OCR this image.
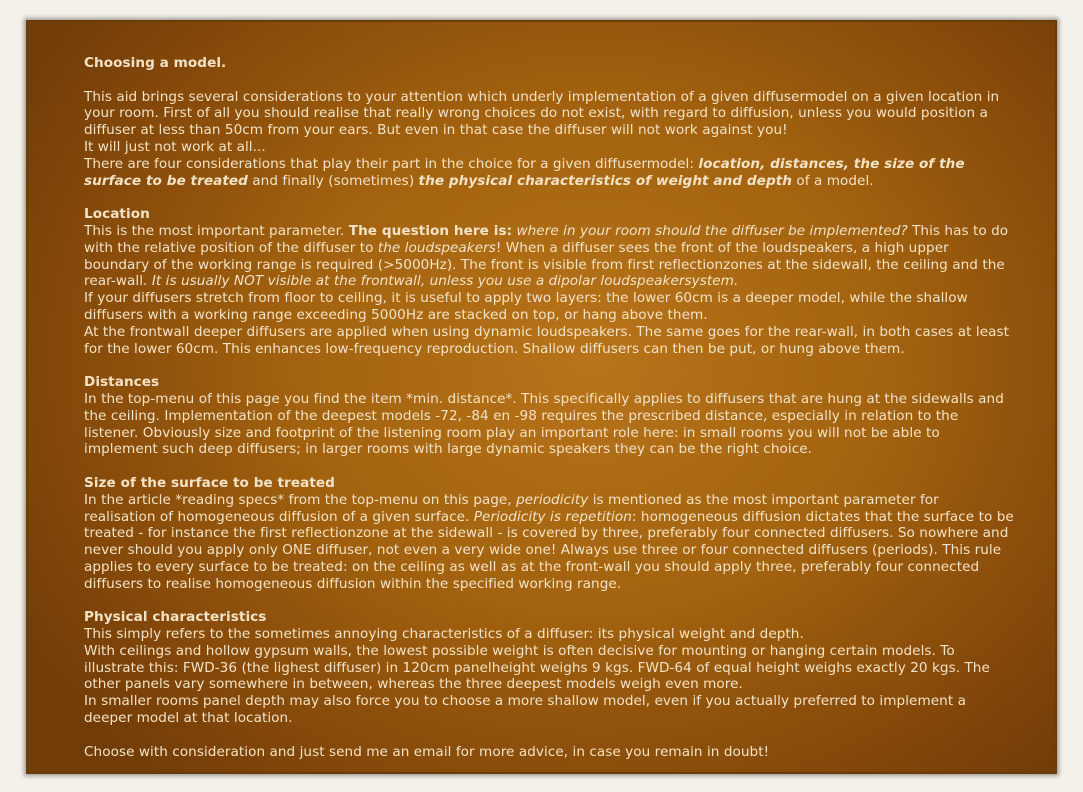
Choosing a model.
This aid brings several considerations to your attention which underly implementation of a given diffusermodel on a given location in your room. First of all you should realise that really wrong choices do not exist, with regard to diffusion, unless you would position a diffuser at less than 50cm from your ears. But even in that case the diffuser will not work against you!
It will just not work at all...
There are four considerations that play their part in the choice for a given diffusermodel: location, distances, the size of the surface to be treated and finally (sometimes) the physical characteristics of weight and depth of a model.
Location
This is the most important parameter. The question here is: where in your room should the diffuser be implemented? This has to do with the relative position of the diffuser to the loudspeakers! When a diffuser sees the front of the loudspeakers, a high upper boundary of the working range is required (>5000Hz). The front is visible from first reflectionzones at the sidewall, the ceiling and the rear-wall. It is usually NOT visible at the frontwall, unless you use a dipolar loudspeakersystem.
If your diffusers stretch from floor to ceiling, it is useful to apply two layers: the lower 60cm is a deeper model, while the shallow diffusers with a working range exceeding 5000Hz are stacked on top, or hang above them.
At the frontwall deeper diffusers are applied when using dynamic loudspeakers. The same goes for the rear-wall, in both cases at least for the lower 60cm. This enhances low-frequency reproduction. Shallow diffusers can then be put, or hung above them.
Distances
In the top-menu of this page you find the item *min. distance*. This specifically applies to diffusers that are hung at the sidewalls and the ceiling. Implementation of the deepest models -72, -84 en -98 requires the prescribed distance, especially in relation to the listener. Obviously size and footprint of the listening room play an important role here: in small rooms you will not be able to implement such deep diffusers; in larger rooms with large dynamic speakers they can be the right choice.
Size of the surface to be treated
In the article *reading specs* from the top-menu on this page, periodicity is mentioned as the most important parameter for realisation of homogeneous diffusion of a given surface. Periodicity is repetition: homogeneous diffusion dictates that the surface to be treated - for instance the first reflectionzone at the sidewall - is covered by three, preferably four connected diffusers. So nowhere and never should you apply only ONE diffuser, not even a very wide one! Always use three or four connected diffusers (periods). This rule applies to every surface to be treated: on the ceiling as well as at the front-wall you should apply three, preferably four connected diffusers to realise homogeneous diffusion within the specified working range.
Physical characteristics
This simply refers to the sometimes annoying characteristics of a diffuser: its physical weight and depth.
With ceilings and hollow gypsum walls, the lowest possible weight is often decisive for mounting or hanging certain models. To illustrate this: FWD-36 (the lighest diffuser) in 120cm panelheight weighs 9 kgs. FWD-64 of equal height weighs exactly 20 kgs. The other panels vary somewhere in between, whereas the three deepest models weigh even more.
In smaller rooms panel depth may also force you to choose a more shallow model, even if you actually preferred to implement a deeper model at that location.
Choose with consideration and just send me an email for more advice, in case you remain in doubt!
